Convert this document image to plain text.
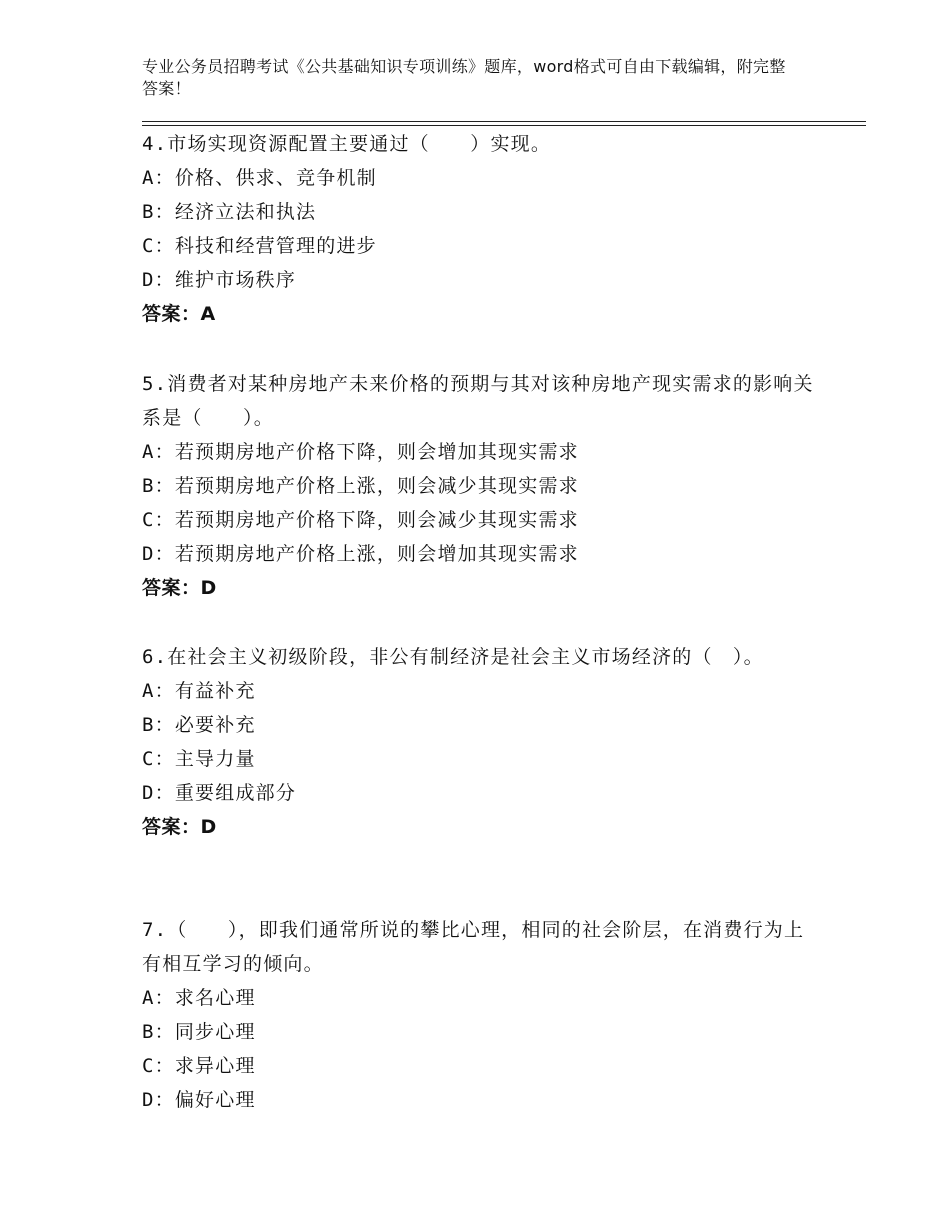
专业公务员招聘考试《公共基础知识专项训练》题库，word格式可自由下载编辑，附完整答案！

4.市场实现资源配置主要通过（　　）实现。

A：价格、供求、竞争机制
B：经济立法和执法
C：科技和经营管理的进步
D：维护市场秩序
答案：A

5.消费者对某种房地产未来价格的预期与其对该种房地产现实需求的影响关系是（　　）。

A：若预期房地产价格下降，则会增加其现实需求
B：若预期房地产价格上涨，则会减少其现实需求
C：若预期房地产价格下降，则会减少其现实需求
D：若预期房地产价格上涨，则会增加其现实需求
答案：D

6.在社会主义初级阶段，非公有制经济是社会主义市场经济的（　）。

A：有益补充
B：必要补充
C：主导力量
D：重要组成部分
答案：D

7.（　　），即我们通常所说的攀比心理，相同的社会阶层，在消费行为上有相互学习的倾向。

A：求名心理
B：同步心理
C：求异心理
D：偏好心理
